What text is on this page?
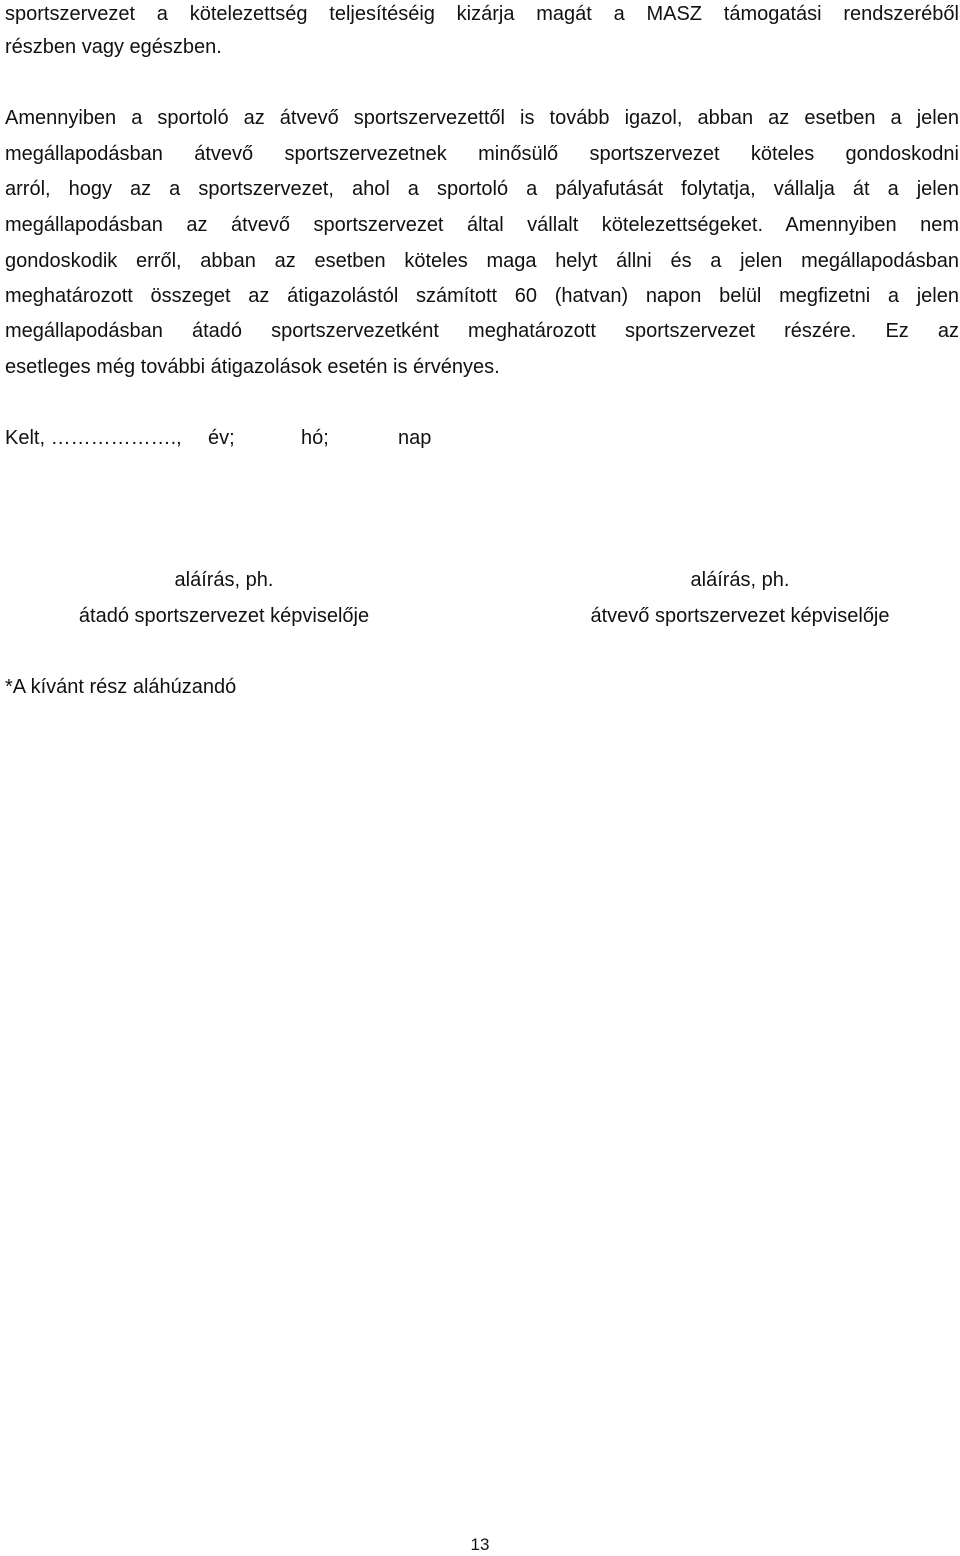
sportszervezet a kötelezettség teljesítéséig kizárja magát a MASZ támogatási rendszeréből
részben vagy egészben.
Amennyiben a sportoló az átvevő sportszervezettől is tovább igazol, abban az esetben a jelen
megállapodásban átvevő sportszervezetnek minősülő sportszervezet köteles gondoskodni
arról, hogy az a sportszervezet, ahol a sportoló a pályafutását folytatja, vállalja át a jelen
megállapodásban az átvevő sportszervezet által vállalt kötelezettségeket. Amennyiben nem
gondoskodik erről, abban az esetben köteles maga helyt állni és a jelen megállapodásban
meghatározott összeget az átigazolástól számított 60 (hatvan) napon belül megfizetni a jelen
megállapodásban átadó sportszervezetként meghatározott sportszervezet részére. Ez az
esetleges még további átigazolások esetén is érvényes.
Kelt, ………………., év;	hó;	nap
aláírás, ph.
átadó sportszervezet képviselője
aláírás, ph.
átvevő sportszervezet képviselője
*A kívánt rész aláhúzandó
13
